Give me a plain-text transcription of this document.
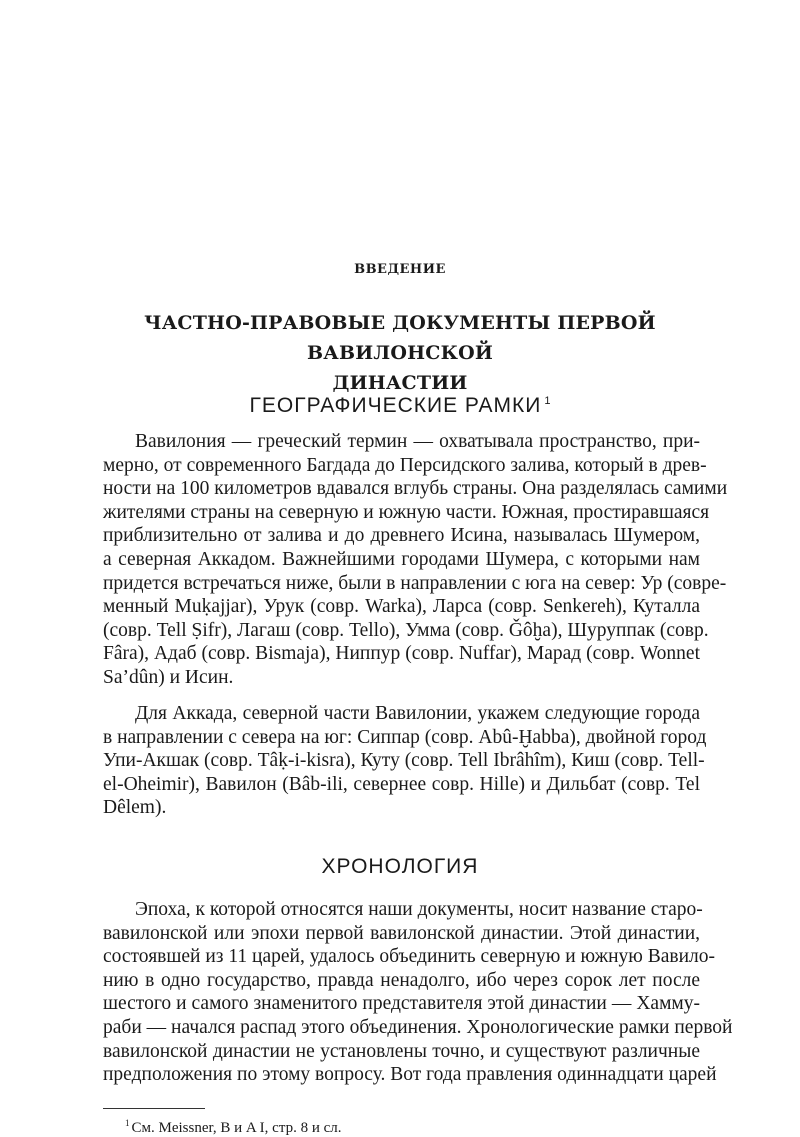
ВВЕДЕНИЕ
ЧАСТНО-ПРАВОВЫЕ ДОКУМЕНТЫ ПЕРВОЙ ВАВИЛОНСКОЙ
ДИНАСТИИ
ГЕОГРАФИЧЕСКИЕ РАМКИ $^1$
Вавилония — греческий термин — охватывала пространство, при-
мерно, от современного Багдада до Персидского залива, который в древ-
ности на 100 километров вдавался вглубь страны. Она разделялась самими
жителями страны на северную и южную части. Южная, простиравшаяся
приблизительно от залива и до древнего Исина, называлась Шумером,
а северная Аккадом. Важнейшими городами Шумера, с которыми нам
придется встречаться ниже, были в направлении с юга на север: Ур (совре-
менный Muḳajjar), Урук (совр. Warka), Ларса (совр. Senkereh), Куталла
(совр. Tell Ṣifr), Лагаш (совр. Tello), Умма (совр. Ǧôḫa), Шуруппак (совр.
Fâra), Адаб (совр. Bismaja), Ниппур (совр. Nuffar), Марад (совр. Wonnet
Sa’dûn) и Исин.
Для Аккада, северной части Вавилонии, укажем следующие города
в направлении с севера на юг: Сиппар (совр. Abû-Ḫabba), двойной город
Упи-Акшак (совр. Tâḳ-i-kisra), Куту (совр. Tell Ibrâhîm), Киш (совр. Tell-
el-Oheimir), Вавилон (Bâb-ili, севернее совр. Hille) и Дильбат (совр. Tel
Dêlem).
ХРОНОЛОГИЯ
Эпоха, к которой относятся наши документы, носит название старо-
вавилонской или эпохи первой вавилонской династии. Этой династии,
состоявшей из 11 царей, удалось объединить северную и южную Вавило-
нию в одно государство, правда ненадолго, ибо через сорок лет после
шестого и самого знаменитого представителя этой династии — Хамму-
раби — начался распад этого объединения. Хронологические рамки первой
вавилонской династии не установлены точно, и существуют различные
предположения по этому вопросу. Вот года правления одиннадцати царей
$^1$ См. Meissner, B и A I, стр. 8 и сл.
